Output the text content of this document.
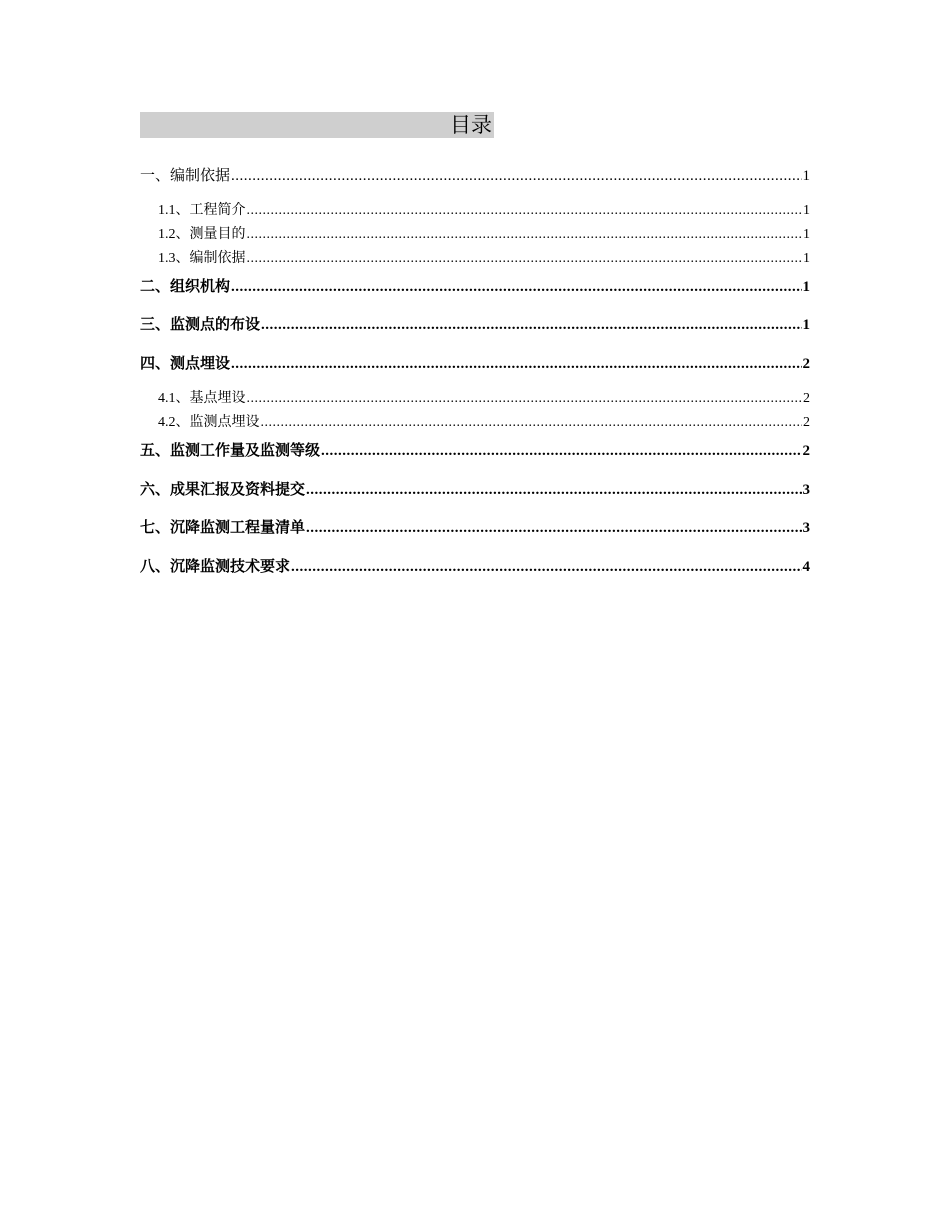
目录
一、编制依据 .....	1
1.1、工程简介 .....	1
1.2、测量目的 .....	1
1.3、编制依据 .....	1
二、组织机构 .....	1
三、监测点的布设 .....	1
四、测点埋设 .....	2
4.1、基点埋设 .....	2
4.2、监测点埋设 .....	2
五、监测工作量及监测等级 .....	2
六、成果汇报及资料提交 .....	3
七、沉降监测工程量清单 .....	3
八、沉降监测技术要求 .....	4
